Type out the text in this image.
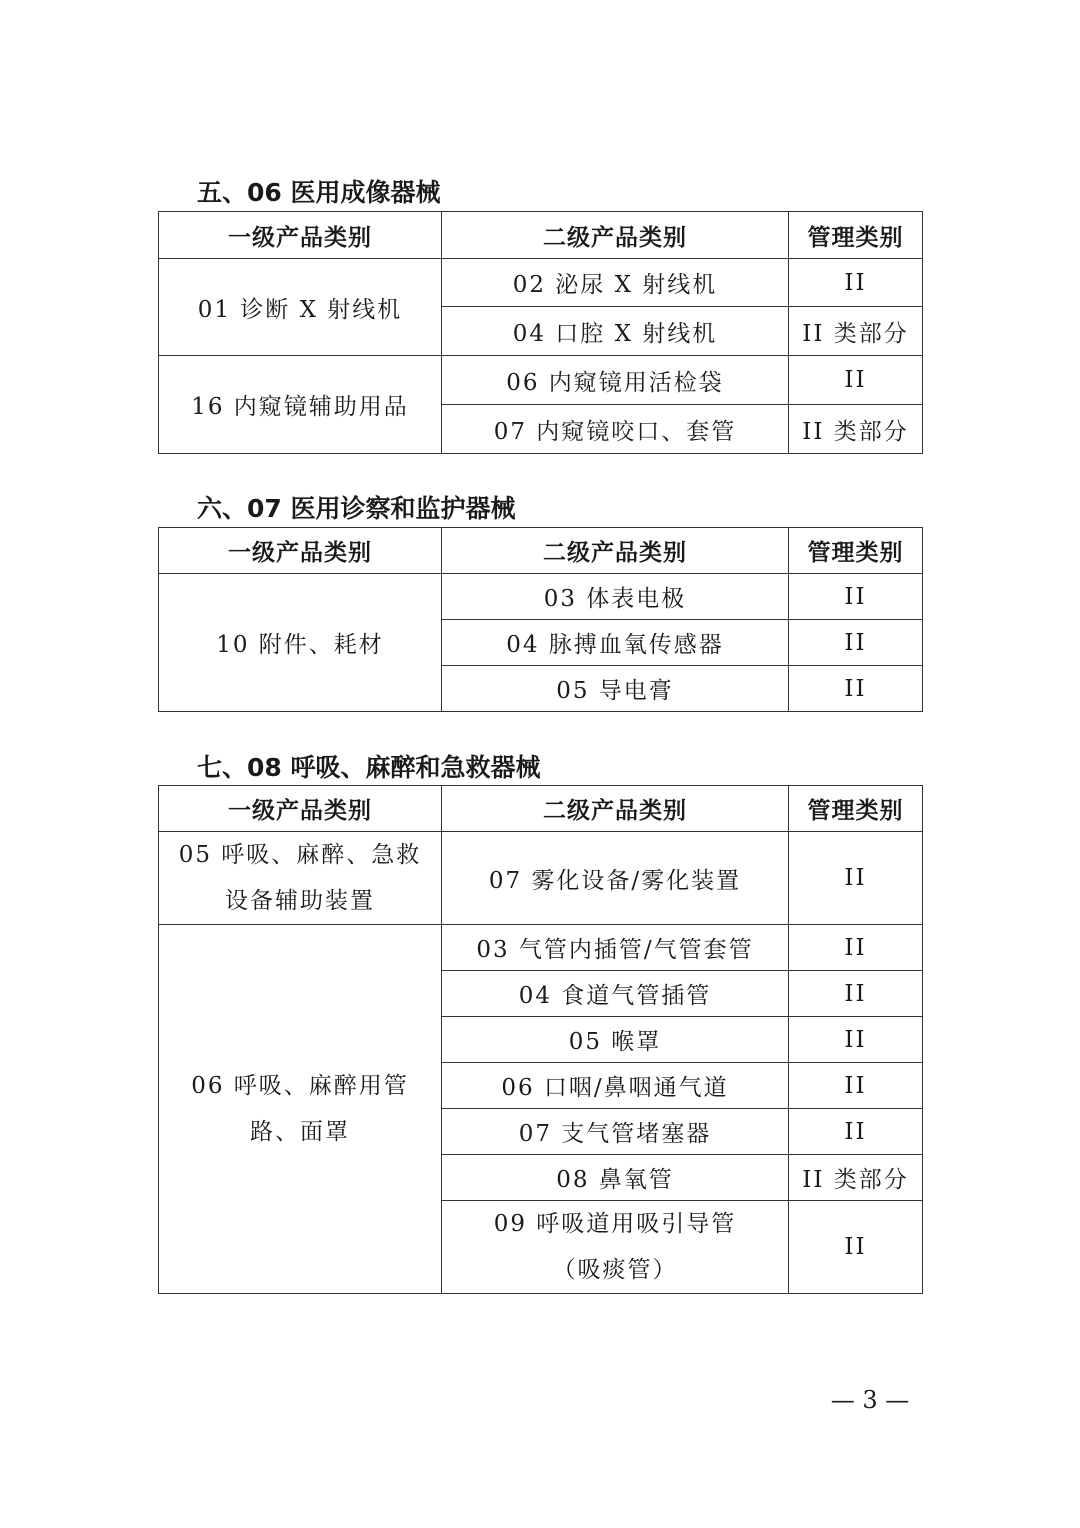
五、06 医用成像器械
一级产品类别	二级产品类别	管理类别
01 诊断 X 射线机	02 泌尿 X 射线机	II
	04 口腔 X 射线机	II 类部分
16 内窥镜辅助用品	06 内窥镜用活检袋	II
	07 内窥镜咬口、套管	II 类部分
六、07 医用诊察和监护器械
一级产品类别	二级产品类别	管理类别
10 附件、耗材	03 体表电极	II
	04 脉搏血氧传感器	II
	05 导电膏	II
七、08 呼吸、麻醉和急救器械
一级产品类别	二级产品类别	管理类别
05 呼吸、麻醉、急救设备辅助装置	07 雾化设备/雾化装置	II
06 呼吸、麻醉用管路、面罩	03 气管内插管/气管套管	II
	04 食道气管插管	II
	05 喉罩	II
	06 口咽/鼻咽通气道	II
	07 支气管堵塞器	II
	08 鼻氧管	II 类部分
	09 呼吸道用吸引导管（吸痰管）	II
— 3 —
